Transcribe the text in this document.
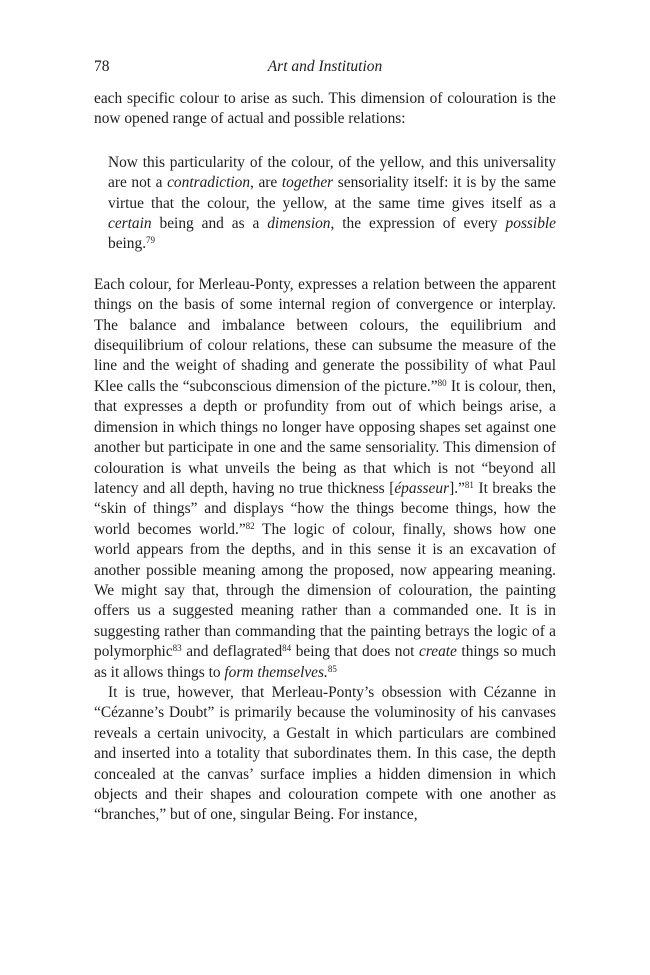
78	Art and Institution

each specific colour to arise as such. This dimension of colouration is the now opened range of actual and possible relations:

Now this particularity of the colour, of the yellow, and this universality are not a contradiction, are together sensoriality itself: it is by the same virtue that the colour, the yellow, at the same time gives itself as a certain being and as a dimension, the expression of every possible being.$^{79}$

Each colour, for Merleau-Ponty, expresses a relation between the apparent things on the basis of some internal region of convergence or interplay. The balance and imbalance between colours, the equilibrium and disequilibrium of colour relations, these can subsume the measure of the line and the weight of shading and generate the possibility of what Paul Klee calls the “subconscious dimension of the picture.”$^{80}$ It is colour, then, that expresses a depth or profundity from out of which beings arise, a dimension in which things no longer have opposing shapes set against one another but participate in one and the same sensoriality. This dimension of colouration is what unveils the being as that which is not “beyond all latency and all depth, having no true thickness [épasseur].”$^{81}$ It breaks the “skin of things” and displays “how the things become things, how the world becomes world.”$^{82}$ The logic of colour, finally, shows how one world appears from the depths, and in this sense it is an excavation of another possible meaning among the proposed, now appearing meaning. We might say that, through the dimension of colouration, the painting offers us a suggested meaning rather than a commanded one. It is in suggesting rather than commanding that the painting betrays the logic of a polymorphic$^{83}$ and deflagrated$^{84}$ being that does not create things so much as it allows things to form themselves.$^{85}$

It is true, however, that Merleau-Ponty’s obsession with Cézanne in “Cézanne’s Doubt” is primarily because the voluminosity of his canvases reveals a certain univocity, a Gestalt in which particulars are combined and inserted into a totality that subordinates them. In this case, the depth concealed at the canvas’ surface implies a hidden dimension in which objects and their shapes and colouration compete with one another as “branches,” but of one, singular Being. For instance,
